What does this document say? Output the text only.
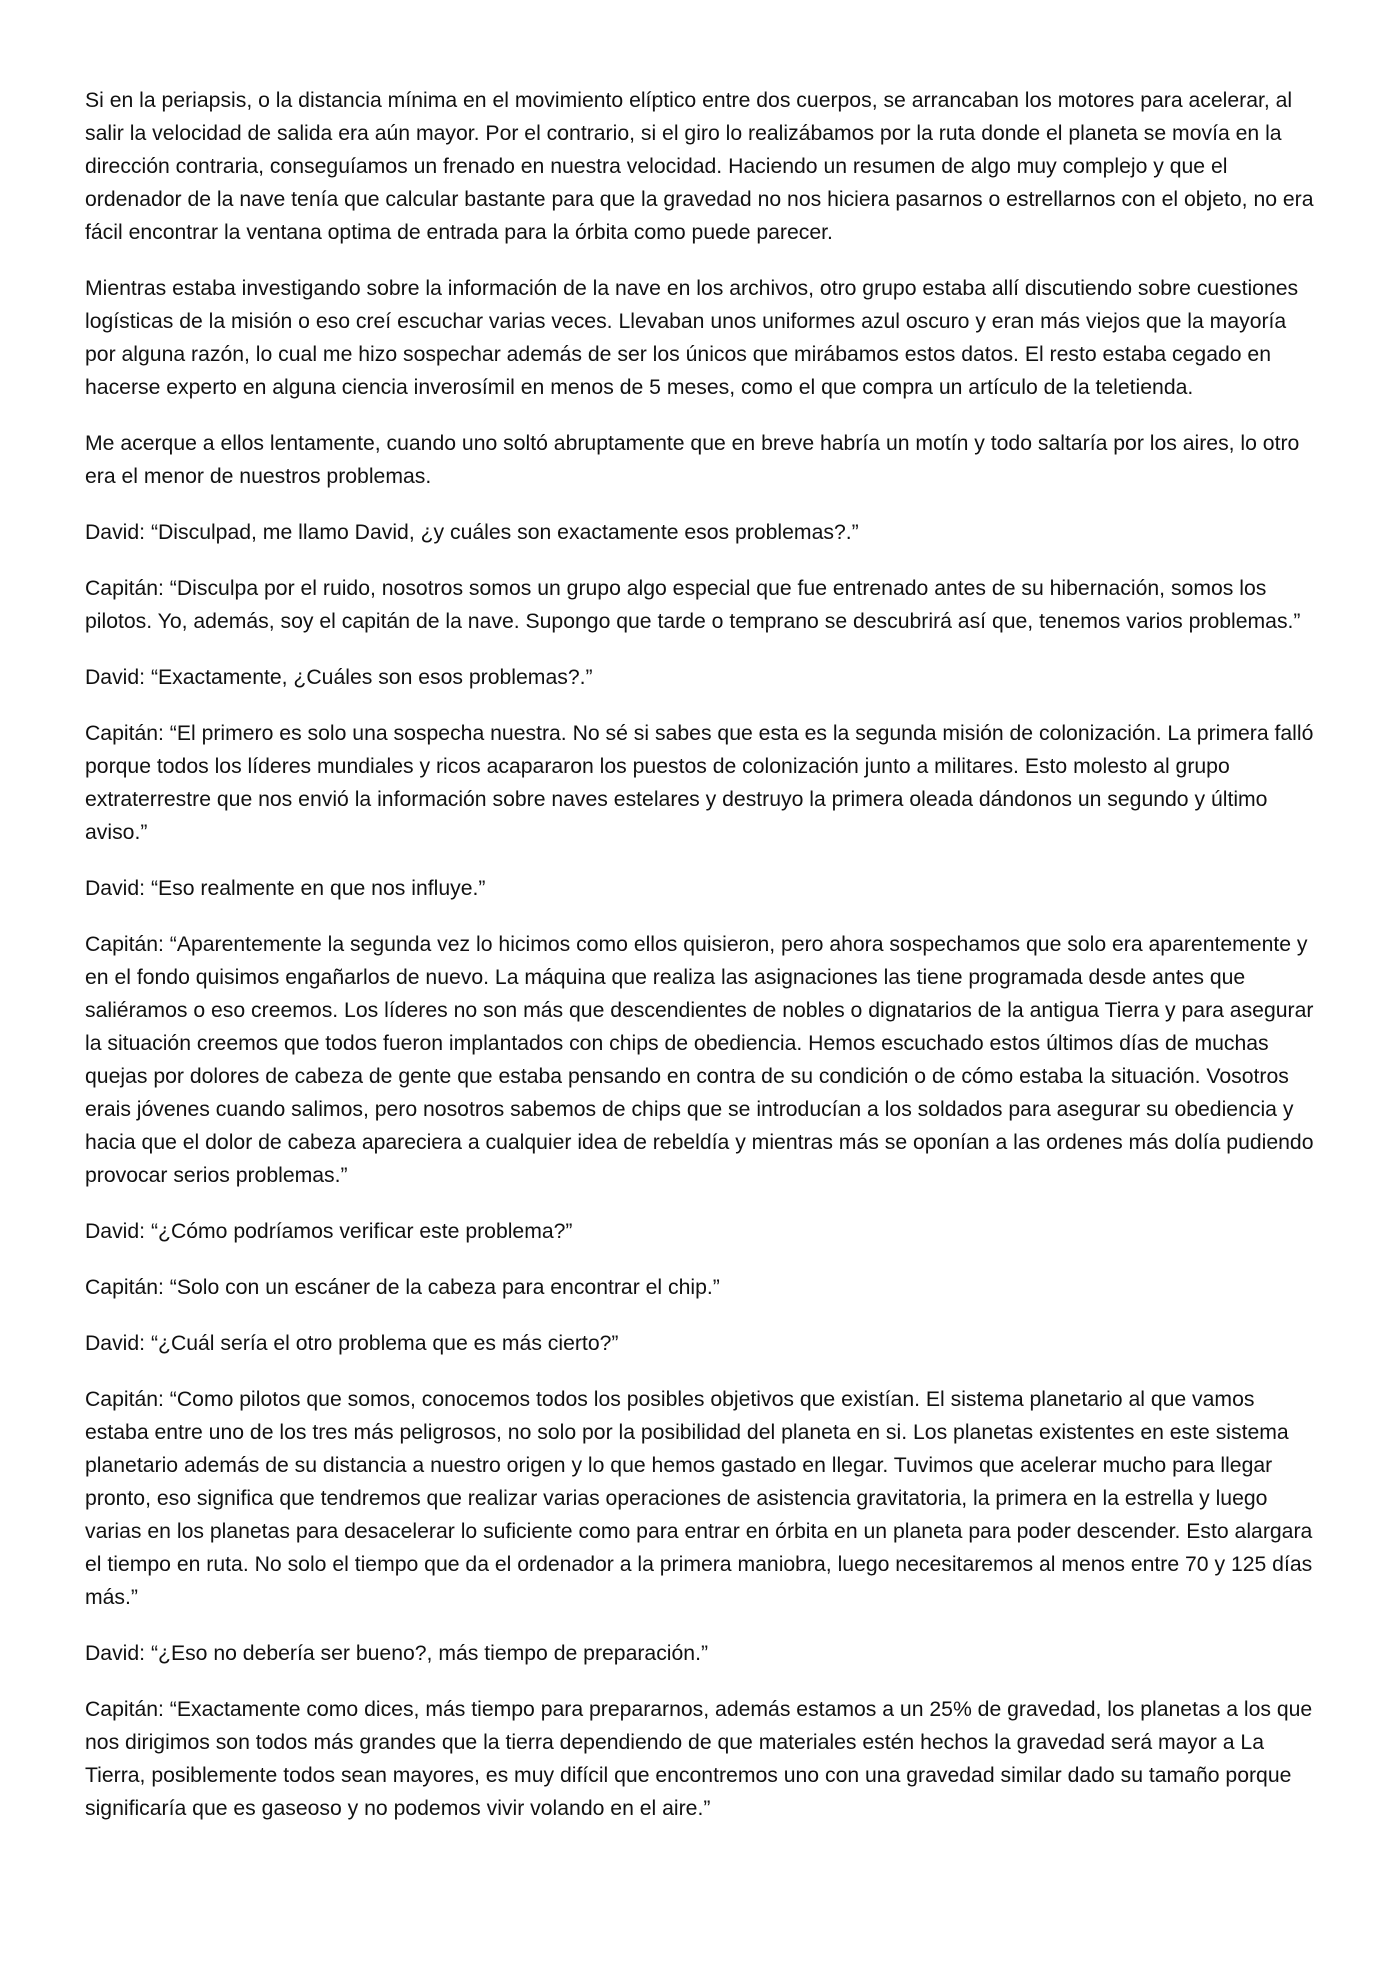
Si en la periapsis, o la distancia mínima en el movimiento elíptico entre dos cuerpos, se arrancaban los motores para acelerar, al salir la velocidad de salida era aún mayor. Por el contrario, si el giro lo realizábamos por la ruta donde el planeta se movía en la dirección contraria, conseguíamos un frenado en nuestra velocidad. Haciendo un resumen de algo muy complejo y que el ordenador de la nave tenía que calcular bastante para que la gravedad no nos hiciera pasarnos o estrellarnos con el objeto, no era fácil encontrar la ventana optima de entrada para la órbita como puede parecer.

Mientras estaba investigando sobre la información de la nave en los archivos, otro grupo estaba allí discutiendo sobre cuestiones logísticas de la misión o eso creí escuchar varias veces. Llevaban unos uniformes azul oscuro y eran más viejos que la mayoría por alguna razón, lo cual me hizo sospechar además de ser los únicos que mirábamos estos datos. El resto estaba cegado en hacerse experto en alguna ciencia inverosímil en menos de 5 meses, como el que compra un artículo de la teletienda.

Me acerque a ellos lentamente, cuando uno soltó abruptamente que en breve habría un motín y todo saltaría por los aires, lo otro era el menor de nuestros problemas.

David: “Disculpad, me llamo David, ¿y cuáles son exactamente esos problemas?.”

Capitán: “Disculpa por el ruido, nosotros somos un grupo algo especial que fue entrenado antes de su hibernación, somos los pilotos. Yo, además, soy el capitán de la nave. Supongo que tarde o temprano se descubrirá así que, tenemos varios problemas.”

David: “Exactamente, ¿Cuáles son esos problemas?.”

Capitán: “El primero es solo una sospecha nuestra. No sé si sabes que esta es la segunda misión de colonización. La primera falló porque todos los líderes mundiales y ricos acapararon los puestos de colonización junto a militares. Esto molesto al grupo extraterrestre que nos envió la información sobre naves estelares y destruyo la primera oleada dándonos un segundo y último aviso.”

David: “Eso realmente en que nos influye.”

Capitán: “Aparentemente la segunda vez lo hicimos como ellos quisieron, pero ahora sospechamos que solo era aparentemente y en el fondo quisimos engañarlos de nuevo. La máquina que realiza las asignaciones las tiene programada desde antes que saliéramos o eso creemos. Los líderes no son más que descendientes de nobles o dignatarios de la antigua Tierra y para asegurar la situación creemos que todos fueron implantados con chips de obediencia. Hemos escuchado estos últimos días de muchas quejas por dolores de cabeza de gente que estaba pensando en contra de su condición o de cómo estaba la situación. Vosotros erais jóvenes cuando salimos, pero nosotros sabemos de chips que se introducían a los soldados para asegurar su obediencia y hacia que el dolor de cabeza apareciera a cualquier idea de rebeldía y mientras más se oponían a las ordenes más dolía pudiendo provocar serios problemas.”

David: “¿Cómo podríamos verificar este problema?”

Capitán: “Solo con un escáner de la cabeza para encontrar el chip.”

David: “¿Cuál sería el otro problema que es más cierto?”

Capitán: “Como pilotos que somos, conocemos todos los posibles objetivos que existían. El sistema planetario al que vamos estaba entre uno de los tres más peligrosos, no solo por la posibilidad del planeta en si. Los planetas existentes en este sistema planetario además de su distancia a nuestro origen y lo que hemos gastado en llegar. Tuvimos que acelerar mucho para llegar pronto, eso significa que tendremos que realizar varias operaciones de asistencia gravitatoria, la primera en la estrella y luego varias en los planetas para desacelerar lo suficiente como para entrar en órbita en un planeta para poder descender. Esto alargara el tiempo en ruta. No solo el tiempo que da el ordenador a la primera maniobra, luego necesitaremos al menos entre 70 y 125 días más.”

David: “¿Eso no debería ser bueno?, más tiempo de preparación.”

Capitán: “Exactamente como dices, más tiempo para prepararnos, además estamos a un 25% de gravedad, los planetas a los que nos dirigimos son todos más grandes que la tierra dependiendo de que materiales estén hechos la gravedad será mayor a La Tierra, posiblemente todos sean mayores, es muy difícil que encontremos uno con una gravedad similar dado su tamaño porque significaría que es gaseoso y no podemos vivir volando en el aire.”
